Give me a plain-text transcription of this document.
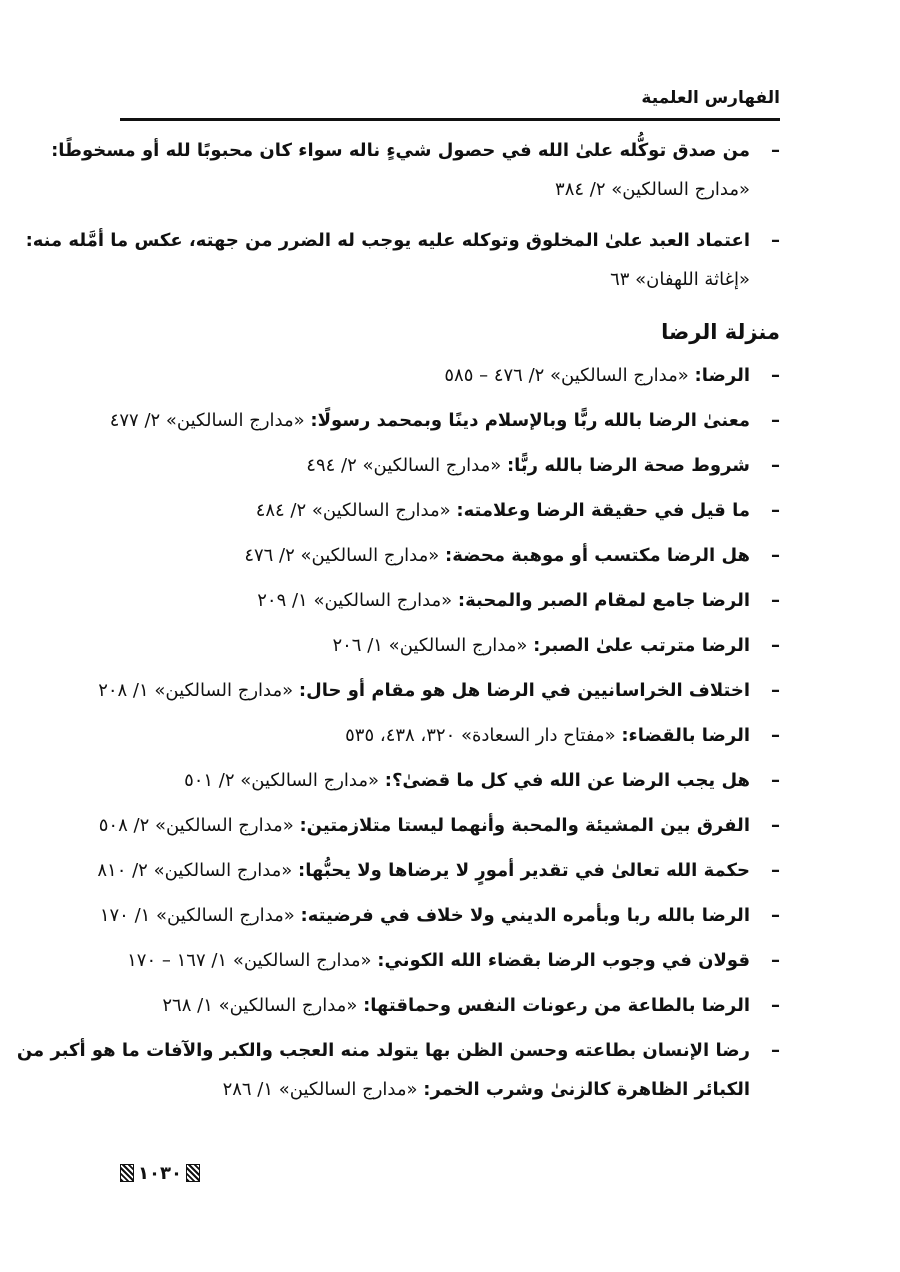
الفهارس العلمية
–
من صدق توكُّله علىٰ الله في حصول شيءٍ ناله سواء كان محبوبًا لله أو مسخوطًا:
«مدارج السالكين» ٢/ ٣٨٤
–
اعتماد العبد علىٰ المخلوق وتوكله عليه يوجب له الضرر من جهته، عكس ما أمَّله منه:
«إغاثة اللهفان» ٦٣
منزلة الرضا
–
الرضا: «مدارج السالكين» ٢/ ٤٧٦ – ٥٨٥
–
معنىٰ الرضا بالله ربًّا وبالإسلام دينًا وبمحمد رسولًا: «مدارج السالكين» ٢/ ٤٧٧
–
شروط صحة الرضا بالله ربًّا: «مدارج السالكين» ٢/ ٤٩٤
–
ما قيل في حقيقة الرضا وعلامته: «مدارج السالكين» ٢/ ٤٨٤
–
هل الرضا مكتسب أو موهبة محضة: «مدارج السالكين» ٢/ ٤٧٦
–
الرضا جامع لمقام الصبر والمحبة: «مدارج السالكين» ١/ ٢٠٩
–
الرضا مترتب علىٰ الصبر: «مدارج السالكين» ١/ ٢٠٦
–
اختلاف الخراسانيين في الرضا هل هو مقام أو حال: «مدارج السالكين» ١/ ٢٠٨
–
الرضا بالقضاء: «مفتاح دار السعادة» ٣٢٠، ٤٣٨، ٥٣٥
–
هل يجب الرضا عن الله في كل ما قضىٰ؟: «مدارج السالكين» ٢/ ٥٠١
–
الفرق بين المشيئة والمحبة وأنهما ليستا متلازمتين: «مدارج السالكين» ٢/ ٥٠٨
–
حكمة الله تعالىٰ في تقدير أمورٍ لا يرضاها ولا يحبُّها: «مدارج السالكين» ٢/ ٨١٠
–
الرضا بالله ربا وبأمره الديني ولا خلاف في فرضيته: «مدارج السالكين» ١/ ١٧٠
–
قولان في وجوب الرضا بقضاء الله الكوني: «مدارج السالكين» ١/ ١٦٧ – ١٧٠
–
الرضا بالطاعة من رعونات النفس وحماقتها: «مدارج السالكين» ١/ ٢٦٨
–
رضا الإنسان بطاعته وحسن الظن بها يتولد منه العجب والكبر والآفات ما هو أكبر من
الكبائر الظاهرة كالزنىٰ وشرب الخمر: «مدارج السالكين» ١/ ٢٨٦
١٠٣٠
